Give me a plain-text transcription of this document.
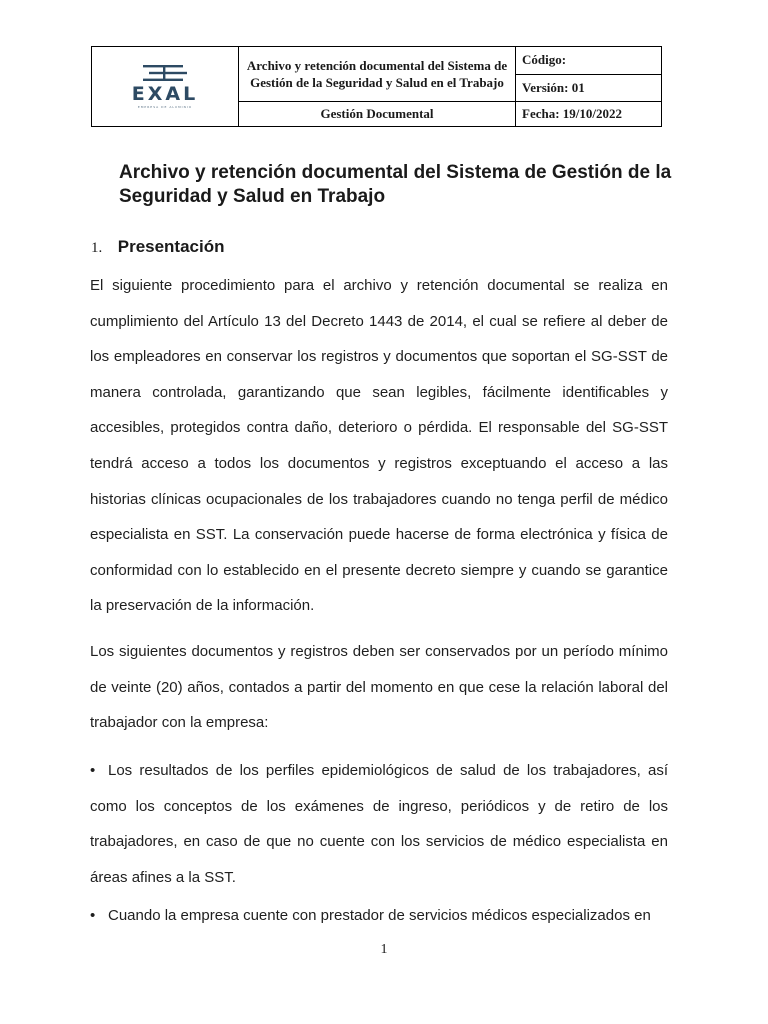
EXAL
EMPRESA DE ALUMINIO	Archivo y retención documental del Sistema de Gestión de la Seguridad y Salud en el Trabajo	Código:
		Versión: 01
	Gestión Documental	Fecha: 19/10/2022
Archivo y retención documental del Sistema de Gestión de la Seguridad y Salud en Trabajo
1. Presentación

El siguiente procedimiento para el archivo y retención documental se realiza en cumplimiento del Artículo 13 del Decreto 1443 de 2014, el cual se refiere al deber de los empleadores en conservar los registros y documentos que soportan el SG-SST de manera controlada, garantizando que sean legibles, fácilmente identificables y accesibles, protegidos contra daño, deterioro o pérdida. El responsable del SG-SST tendrá acceso a todos los documentos y registros exceptuando el acceso a las historias clínicas ocupacionales de los trabajadores cuando no tenga perfil de médico especialista en SST. La conservación puede hacerse de forma electrónica y física de conformidad con lo establecido en el presente decreto siempre y cuando se garantice la preservación de la información.

Los siguientes documentos y registros deben ser conservados por un período mínimo de veinte (20) años, contados a partir del momento en que cese la relación laboral del trabajador con la empresa:

• Los resultados de los perfiles epidemiológicos de salud de los trabajadores, así como los conceptos de los exámenes de ingreso, periódicos y de retiro de los trabajadores, en caso de que no cuente con los servicios de médico especialista en áreas afines a la SST.
• Cuando la empresa cuente con prestador de servicios médicos especializados en
1
